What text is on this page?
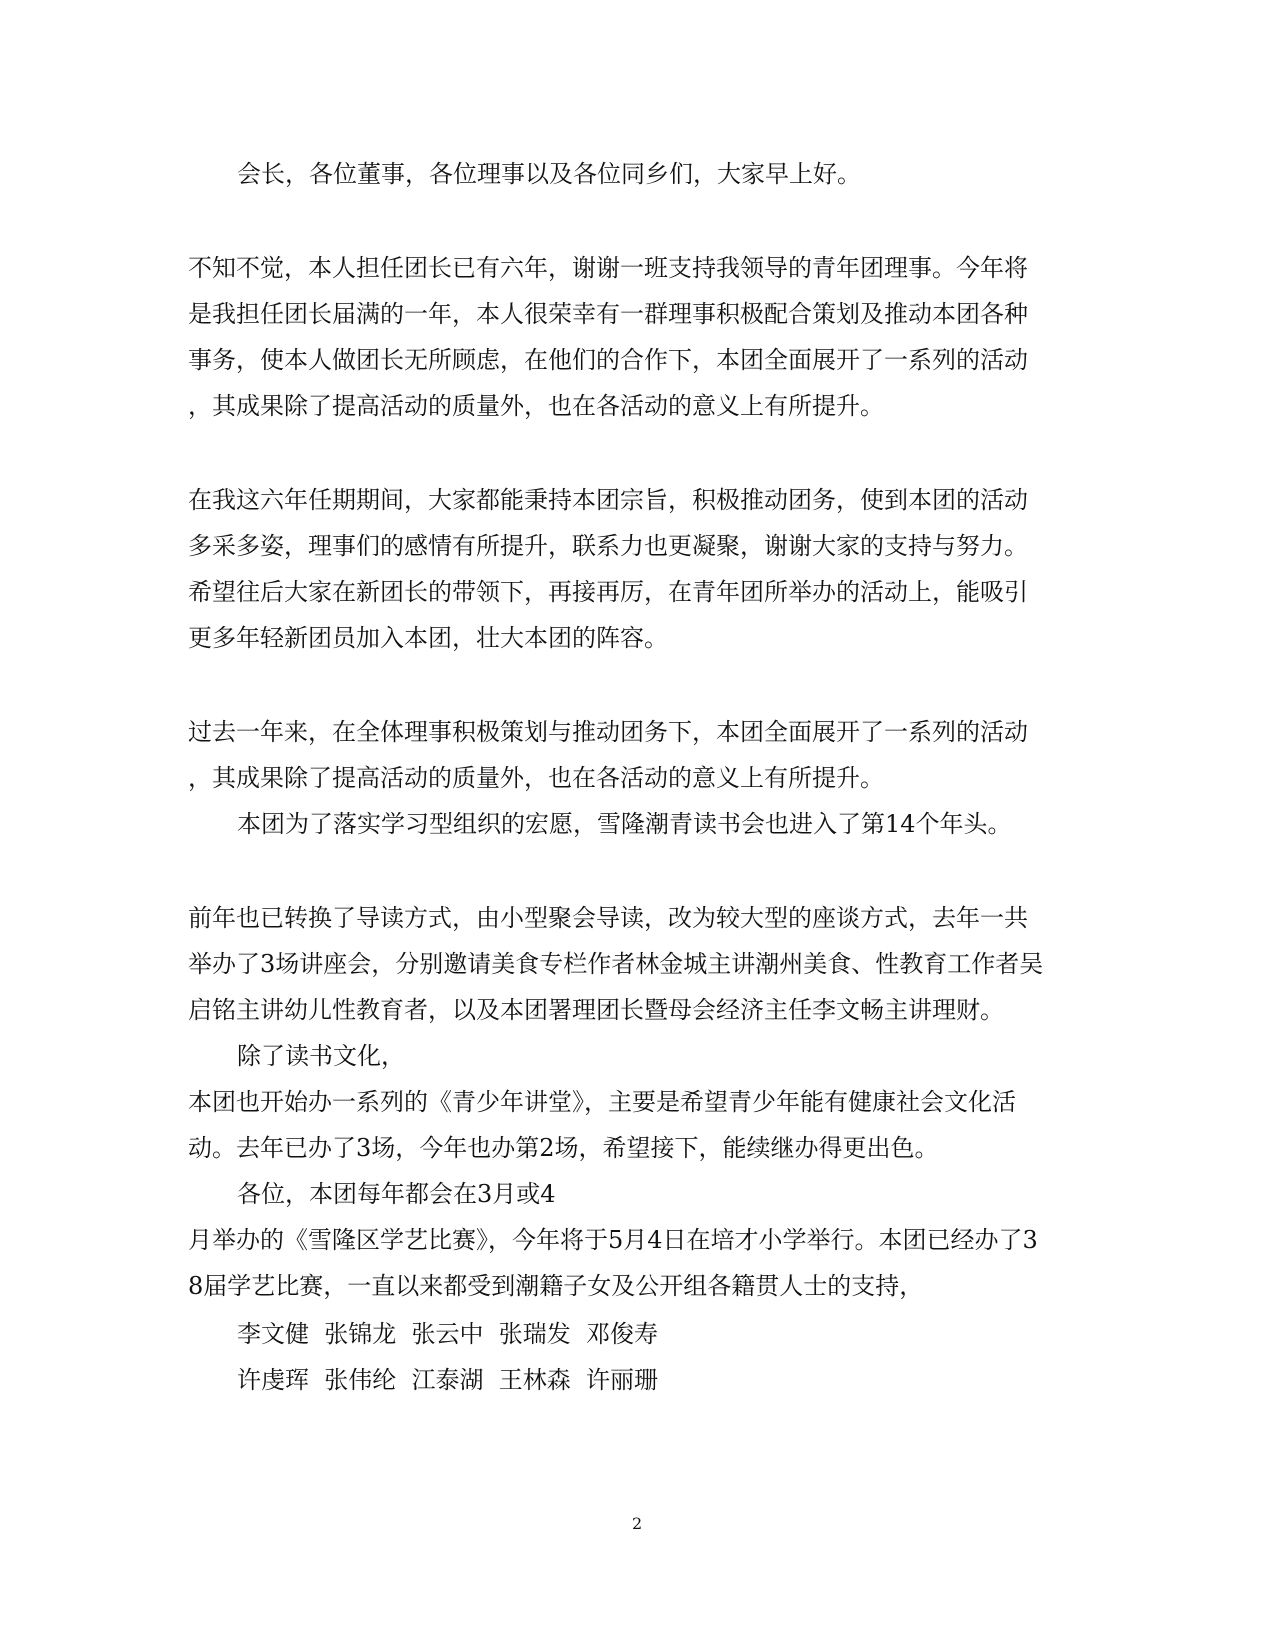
会长，各位董事，各位理事以及各位同乡们，大家早上好。
不知不觉，本人担任团长已有六年，谢谢一班支持我领导的青年团理事。今年将
是我担任团长届满的一年，本人很荣幸有一群理事积极配合策划及推动本团各种
事务，使本人做团长无所顾虑，在他们的合作下，本团全面展开了一系列的活动
，其成果除了提高活动的质量外，也在各活动的意义上有所提升。
在我这六年任期期间，大家都能秉持本团宗旨，积极推动团务，使到本团的活动
多采多姿，理事们的感情有所提升，联系力也更凝聚，谢谢大家的支持与努力。
希望往后大家在新团长的带领下，再接再厉，在青年团所举办的活动上，能吸引
更多年轻新团员加入本团，壮大本团的阵容。
过去一年来，在全体理事积极策划与推动团务下，本团全面展开了一系列的活动
，其成果除了提高活动的质量外，也在各活动的意义上有所提升。
本团为了落实学习型组织的宏愿，雪隆潮青读书会也进入了第14个年头。
前年也已转换了导读方式，由小型聚会导读，改为较大型的座谈方式，去年一共
举办了3场讲座会，分别邀请美食专栏作者林金城主讲潮州美食、性教育工作者吴
启铭主讲幼儿性教育者，以及本团署理团长暨母会经济主任李文畅主讲理财。
除了读书文化，
本团也开始办一系列的《青少年讲堂》，主要是希望青少年能有健康社会文化活
动。去年已办了3场，今年也办第2场，希望接下，能续继办得更出色。
各位，本团每年都会在3月或4
月举办的《雪隆区学艺比赛》，今年将于5月4日在培才小学举行。本团已经办了3
8届学艺比赛，一直以来都受到潮籍子女及公开组各籍贯人士的支持，
李文健  张锦龙  张云中  张瑞发  邓俊寿
许虔珲  张伟纶  江泰湖  王林森  许丽珊
2
